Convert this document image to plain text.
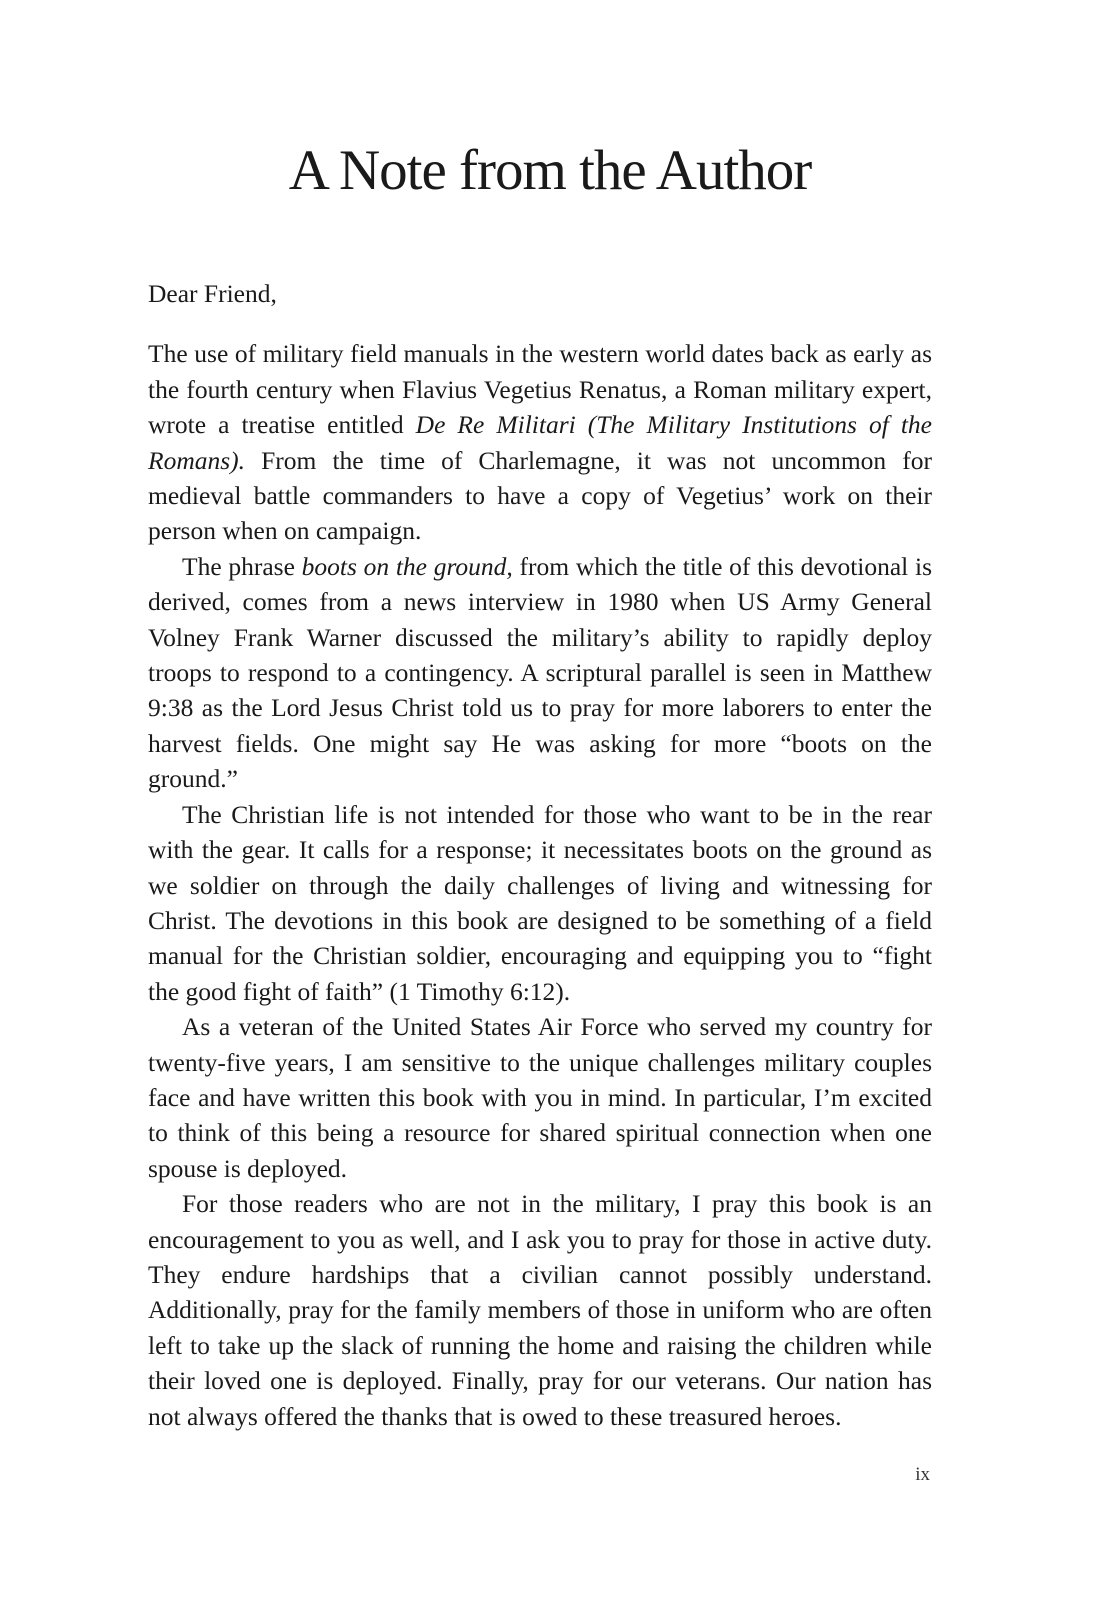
A Note from the Author

Dear Friend,

The use of military field manuals in the western world dates back as early as the fourth century when Flavius Vegetius Renatus, a Roman military expert, wrote a treatise entitled De Re Militari (The Military Institutions of the Romans). From the time of Charlemagne, it was not uncommon for medieval battle commanders to have a copy of Vegetius’ work on their person when on campaign.

The phrase boots on the ground, from which the title of this devotional is derived, comes from a news interview in 1980 when US Army General Volney Frank Warner discussed the military’s ability to rapidly deploy troops to respond to a contingency. A scriptural parallel is seen in Matthew 9:38 as the Lord Jesus Christ told us to pray for more laborers to enter the harvest fields. One might say He was asking for more “boots on the ground.”

The Christian life is not intended for those who want to be in the rear with the gear. It calls for a response; it necessitates boots on the ground as we soldier on through the daily challenges of living and witnessing for Christ. The devotions in this book are designed to be something of a field manual for the Christian soldier, encouraging and equipping you to “fight the good fight of faith” (1 Timothy 6:12).

As a veteran of the United States Air Force who served my country for twenty-five years, I am sensitive to the unique challenges military couples face and have written this book with you in mind. In particular, I’m excited to think of this being a resource for shared spiritual connection when one spouse is deployed.

For those readers who are not in the military, I pray this book is an encouragement to you as well, and I ask you to pray for those in active duty. They endure hardships that a civilian cannot possibly understand. Additionally, pray for the family members of those in uniform who are often left to take up the slack of running the home and raising the children while their loved one is deployed. Finally, pray for our veterans. Our nation has not always offered the thanks that is owed to these treasured heroes.

ix
